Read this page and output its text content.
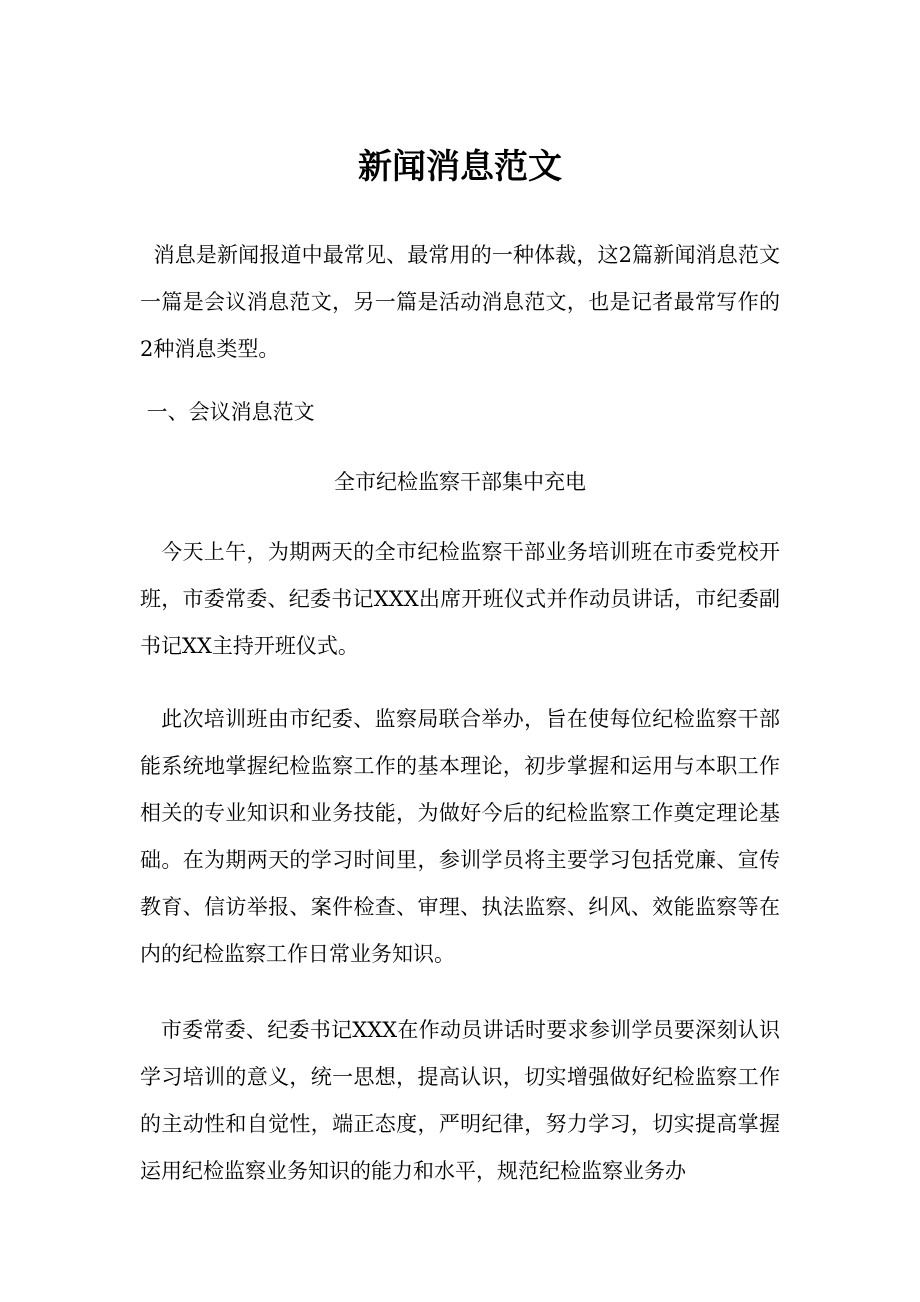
新闻消息范文

消息是新闻报道中最常见、最常用的一种体裁，这2篇新闻消息范文一篇是会议消息范文，另一篇是活动消息范文，也是记者最常写作的2种消息类型。

一、会议消息范文

全市纪检监察干部集中充电

今天上午，为期两天的全市纪检监察干部业务培训班在市委党校开班，市委常委、纪委书记XXX出席开班仪式并作动员讲话，市纪委副书记XX主持开班仪式。

此次培训班由市纪委、监察局联合举办，旨在使每位纪检监察干部能系统地掌握纪检监察工作的基本理论，初步掌握和运用与本职工作相关的专业知识和业务技能，为做好今后的纪检监察工作奠定理论基础。在为期两天的学习时间里，参训学员将主要学习包括党廉、宣传教育、信访举报、案件检查、审理、执法监察、纠风、效能监察等在内的纪检监察工作日常业务知识。

市委常委、纪委书记XXX在作动员讲话时要求参训学员要深刻认识学习培训的意义，统一思想，提高认识，切实增强做好纪检监察工作的主动性和自觉性，端正态度，严明纪律，努力学习，切实提高掌握运用纪检监察业务知识的能力和水平，规范纪检监察业务办
